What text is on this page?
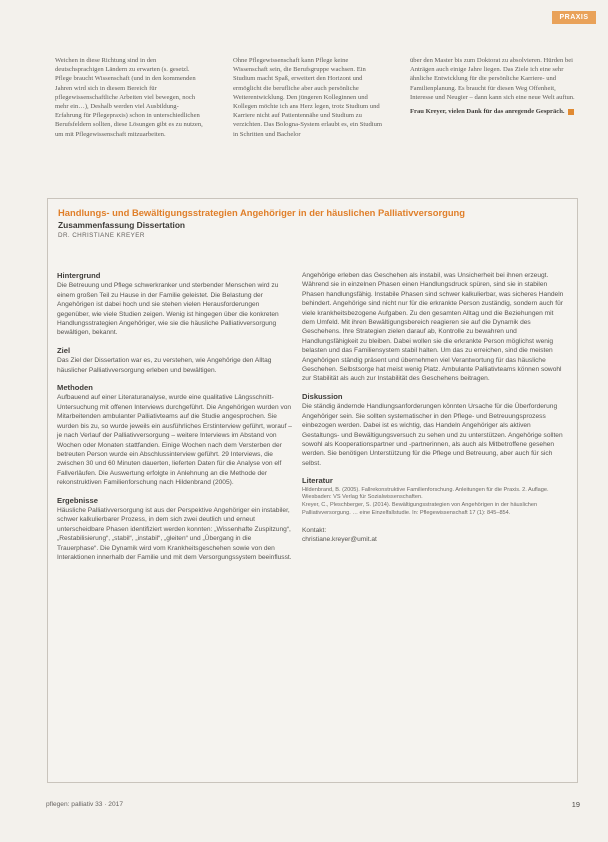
PRAXIS

Weichen in diese Richtung sind in den deutschsprachigen Ländern zu erwarten (s. gesetzl. Pflege braucht Wissenschaft (und in den kommenden Jahren wird sich in diesem Bereich für pflegewissenschaftliche Arbeiten viel bewegen, noch mehr ein…), Deshalb werden viel Ausbildung-Erfahrung für Pflegepraxis) schon in unterschiedlichen Berufsfeldern sollten, diese Lösungen gibt es zu nutzen, um mit Pflegewissenschaft mitzuarbeiten.

Ohne Pflegewissenschaft kann Pflege keine Wissenschaft sein, die Berufsgruppe wachsen. Ein Studium macht Spaß, erweitert den Horizont und ermöglicht die berufliche aber auch persönliche Weiterentwicklung. Den jüngeren Kolleginnen und Kollegen möchte ich ans Herz legen, trotz Studium und Karriere nicht auf Patientennähe und Studium zu verzichten. Das Bologna-System erlaubt es, ein Studium in Schritten und Bachelor

über den Master bis zum Doktorat zu absolvieren. Hürden bei Anträgen auch einige Jahre liegen. Das Ziele ich eine sehr ähnliche Entwicklung für die persönliche Karriere- und Familienplanung. Es braucht für diesen Weg Offenheit, Interesse und Neugier – dann kann sich eine neue Welt auftun.

Frau Kreyer, vielen Dank für das anregende Gespräch.

Handlungs- und Bewältigungsstrategien Angehöriger in der häuslichen Palliativversorgung
Zusammenfassung Dissertation
DR. CHRISTIANE KREYER
Hintergrund

Die Betreuung und Pflege schwerkranker und sterbender Menschen wird zu einem großen Teil zu Hause in der Familie geleistet. Die Belastung der Angehörigen ist dabei hoch und sie stehen vielen Herausforderungen gegenüber, wie viele Studien zeigen. Wenig ist hingegen über die konkreten Handlungsstrategien Angehöriger, wie sie die häusliche Palliativversorgung bewältigen, bekannt.

Ziel

Das Ziel der Dissertation war es, zu verstehen, wie Angehörige den Alltag häuslicher Palliativversorgung erleben und bewältigen.

Methoden

Aufbauend auf einer Literaturanalyse, wurde eine qualitative Längsschnitt-Untersuchung mit offenen Interviews durchgeführt. Die Angehörigen wurden von Mitarbeitenden ambulanter Palliativteams auf die Studie angesprochen. Sie wurden bis zu, so wurde jeweils ein ausführliches Erstinterview geführt, worauf – je nach Verlauf der Palliativversorgung – weitere Interviews im Abstand von Wochen oder Monaten stattfanden. Einige Wochen nach dem Versterben der betreuten Person wurde ein Abschlussinterview geführt. 29 Interviews, die zwischen 30 und 60 Minuten dauerten, lieferten Daten für die Analyse von elf Fallverläufen. Die Auswertung erfolgte in Anlehnung an die Methode der rekonstruktiven Familienforschung nach Hildenbrand (2005).

Ergebnisse

Häusliche Palliativversorgung ist aus der Perspektive Angehöriger ein instabiler, schwer kalkulierbarer Prozess, in dem sich zwei deutlich und erneut unterscheidbare Phasen identifiziert werden konnten: „Wissenhafte Zuspitzung“, „Restabilisierung“, „stabil“, „instabil“, „gleiten“ und „Übergang in die Trauerphase“. Die Dynamik wird vom Krankheitsgeschehen sowie von den Interaktionen innerhalb der Familie und mit dem Versorgungssystem beeinflusst.

Angehörige erleben das Geschehen als instabil, was Unsicherheit bei ihnen erzeugt. Während sie in einzelnen Phasen einen Handlungsdruck spüren, sind sie in stabilen Phasen handlungsfähig. Instabile Phasen sind schwer kalkulierbar, was sicheres Handeln behindert. Angehörige sind nicht nur für die erkrankte Person zuständig, sondern auch für viele krankheitsbezogene Aufgaben. Zu den gesamten Alltag und die Beziehungen mit dem Umfeld. Mit ihren Bewältigungsbereich reagieren sie auf die Dynamik des Geschehens. Ihre Strategien zielen darauf ab, Kontrolle zu bewahren und Handlungsfähigkeit zu bleiben. Dabei wollen sie die erkrankte Person möglichst wenig belasten und das Familiensystem stabil halten. Um das zu erreichen, sind die meisten Angehörigen ständig präsent und übernehmen viel Verantwortung für das häusliche Geschehen. Selbstsorge hat meist wenig Platz. Ambulante Palliativteams können sowohl zur Stabilität als auch zur Instabilität des Geschehens beitragen.

Diskussion

Die ständig ändernde Handlungsanforderungen könnten Ursache für die Überforderung Angehöriger sein. Sie sollten systematischer in den Pflege- und Betreuungsprozess einbezogen werden. Dabei ist es wichtig, das Handeln Angehöriger als aktiven Gestaltungs- und Bewältigungsversuch zu sehen und zu unterstützen. Angehörige sollten sowohl als Kooperationspartner und -partnerinnen, als auch als Mitbetroffene gesehen werden. Sie benötigen Unterstützung für die Pflege und Betreuung, aber auch für sich selbst.

Literatur

Hildenbrand, B. (2005). Fallrekonstruktive Familienforschung. Anleitungen für die Praxis. 2. Auflage. Wiesbaden: VS Verlag für Sozialwissenschaften.

Kreyer, C., Pleschberger, S. (2014). Bewältigungsstrategien von Angehörigen in der häuslichen Palliativversorgung. … eine Einzelfallstudie. In: Pflegewissenschaft 17 (1): 845–854.

Kontakt:

christiane.kreyer@umit.at

pflegen: palliativ 33 · 2017	19
